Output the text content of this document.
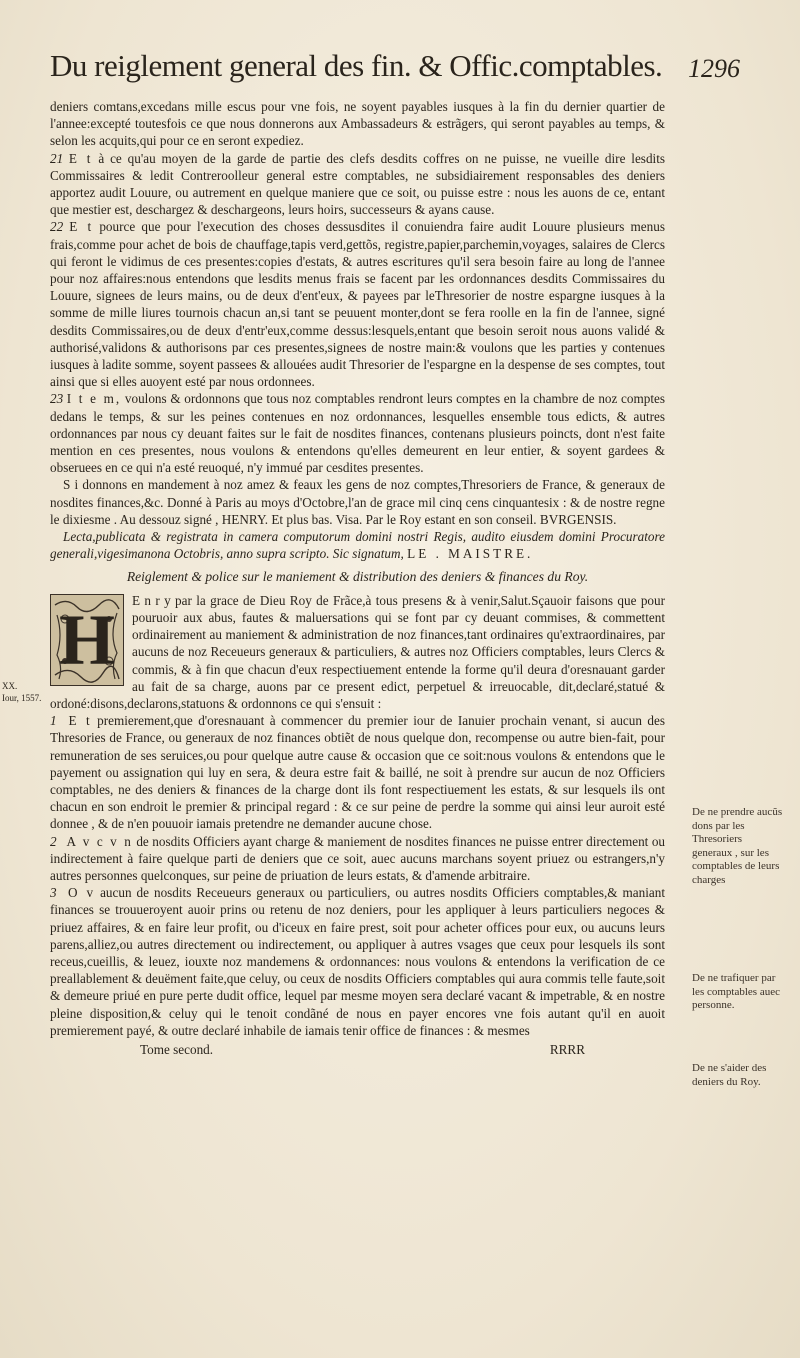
Du reiglement general des fin. & Offic.comptables. 1296
XX.
Iour, 1557.
De ne prendre aucũs dons par les Thresoriers generaux , sur les comptables de leurs charges
De ne trafiquer par les comptables auec personne.
De ne s'aider des deniers du Roy.

deniers comtans,excedans mille escus pour vne fois, ne soyent payables iusques à la fin du dernier quartier de l'annee:excepté toutesfois ce que nous donnerons aux Ambassadeurs & estrãgers, qui seront payables au temps, & selon les acquits,qui pour ce en seront expediez.

21 E t à ce qu'au moyen de la garde de partie des clefs desdits coffres on ne puisse, ne vueille dire lesdits Commissaires & ledit Contreroolleur general estre comptables, ne subsidiairement responsables des deniers apportez audit Louure, ou autrement en quelque maniere que ce soit, ou puisse estre : nous les auons de ce, entant que mestier est, deschargez & deschargeons, leurs hoirs, successeurs & ayans cause.

22 E t pource que pour l'execution des choses dessusdites il conuiendra faire audit Louure plusieurs menus frais,comme pour achet de bois de chauffage,tapis verd,gettõs, registre,papier,parchemin,voyages, salaires de Clercs qui feront le vidimus de ces presentes:copies d'estats, & autres escritures qu'il sera besoin faire au long de l'annee pour noz affaires:nous entendons que lesdits menus frais se facent par les ordonnances desdits Commissaires du Louure, signees de leurs mains, ou de deux d'ent'eux, & payees par leThresorier de nostre espargne iusques à la somme de mille liures tournois chacun an,si tant se peuuent monter,dont se fera roolle en la fin de l'annee, signé desdits Commissaires,ou de deux d'entr'eux,comme dessus:lesquels,entant que besoin seroit nous auons validé & authorisé,validons & authorisons par ces presentes,signees de nostre main:& voulons que les parties y contenues iusques à ladite somme, soyent passees & allouées audit Thresorier de l'espargne en la despense de ses comptes, tout ainsi que si elles auoyent esté par nous ordonnees.

23 I t e m, voulons & ordonnons que tous noz comptables rendront leurs comptes en la chambre de noz comptes dedans le temps, & sur les peines contenues en noz ordonnances, lesquelles ensemble tous edicts, & autres ordonnances par nous cy deuant faites sur le fait de nosdites finances, contenans plusieurs poincts, dont n'est faite mention en ces presentes, nous voulons & entendons qu'elles demeurent en leur entier, & soyent gardees & obseruees en ce qui n'a esté reuoqué, n'y immué par cesdites presentes.

S i donnons en mandement à noz amez & feaux les gens de noz comptes,Thresoriers de France, & generaux de nosdites finances,&c. Donné à Paris au moys d'Octobre,l'an de grace mil cinq cens cinquantesix : & de nostre regne le dixiesme . Au dessouz signé , HENRY. Et plus bas. Visa. Par le Roy estant en son conseil. BVRGENSIS.

Lecta,publicata & registrata in camera computorum domini nostri Regis, audito eiusdem domini Procuratore generali,vigesimanona Octobris, anno supra scripto. Sic signatum, LE . MAISTRE.

Reiglement & police sur le maniement & distribution des deniers & finances du Roy.
H	E n r y par la grace de Dieu Roy de Frãce,à tous presens & à venir,Salut.Sçauoir faisons que pour pouruoir aux abus, fautes & maluersations qui se font par cy deuant commises, & commettent ordinairement au maniement & administration de noz finances,tant ordinaires qu'extraordinaires, par aucuns de noz Receueurs generaux & particuliers, & autres noz Officiers comptables, leurs Clercs & commis, & à fin que chacun d'eux respectiuement entende la forme qu'il deura d'oresnauant garder au fait de sa charge, auons par ce present edict, perpetuel & irreuocable, dit,declaré,statué & ordoné:disons,declarons,statuons & ordonnons ce qui s'ensuit :

1 E t premierement,que d'oresnauant à commencer du premier iour de Ianuier prochain venant, si aucun des Thresories de France, ou generaux de noz finances obtiẽt de nous quelque don, recompense ou autre bien-fait, pour remuneration de ses seruices,ou pour quelque autre cause & occasion que ce soit:nous voulons & entendons que le payement ou assignation qui luy en sera, & deura estre fait & baillé, ne soit à prendre sur aucun de noz Officiers comptables, ne des deniers & finances de la charge dont ils font respectiuement les estats, & sur lesquels ils ont chacun en son endroit le premier & principal regard : & ce sur peine de perdre la somme qui ainsi leur auroit esté donnee , & de n'en pouuoir iamais pretendre ne demander aucune chose.

2 A v c v n de nosdits Officiers ayant charge & maniement de nosdites finances ne puisse entrer directement ou indirectement à faire quelque parti de deniers que ce soit, auec aucuns marchans soyent priuez ou estrangers,n'y autres personnes quelconques, sur peine de priuation de leurs estats, & d'amende arbitraire.

3 O v aucun de nosdits Receueurs generaux ou particuliers, ou autres nosdits Officiers comptables,& maniant finances se trouueroyent auoir prins ou retenu de noz deniers, pour les appliquer à leurs particuliers negoces & priuez affaires, & en faire leur profit, ou d'iceux en faire prest, soit pour acheter offices pour eux, ou aucuns leurs parens,alliez,ou autres directement ou indirectement, ou appliquer à autres vsages que ceux pour lesquels ils sont receus,cueillis, & leuez, iouxte noz mandemens & ordonnances: nous voulons & entendons la verification de ce preallablement & deuëment faite,que celuy, ou ceux de nosdits Officiers comptables qui aura commis telle faute,soit & demeure priué en pure perte dudit office, lequel par mesme moyen sera declaré vacant & impetrable, & en nostre pleine disposition,& celuy qui le tenoit condãné de nous en payer encores vne fois autant qu'il en auoit premierement payé, & outre declaré inhabile de iamais tenir office de finances : & mesmes

Tome second.	RRRR
